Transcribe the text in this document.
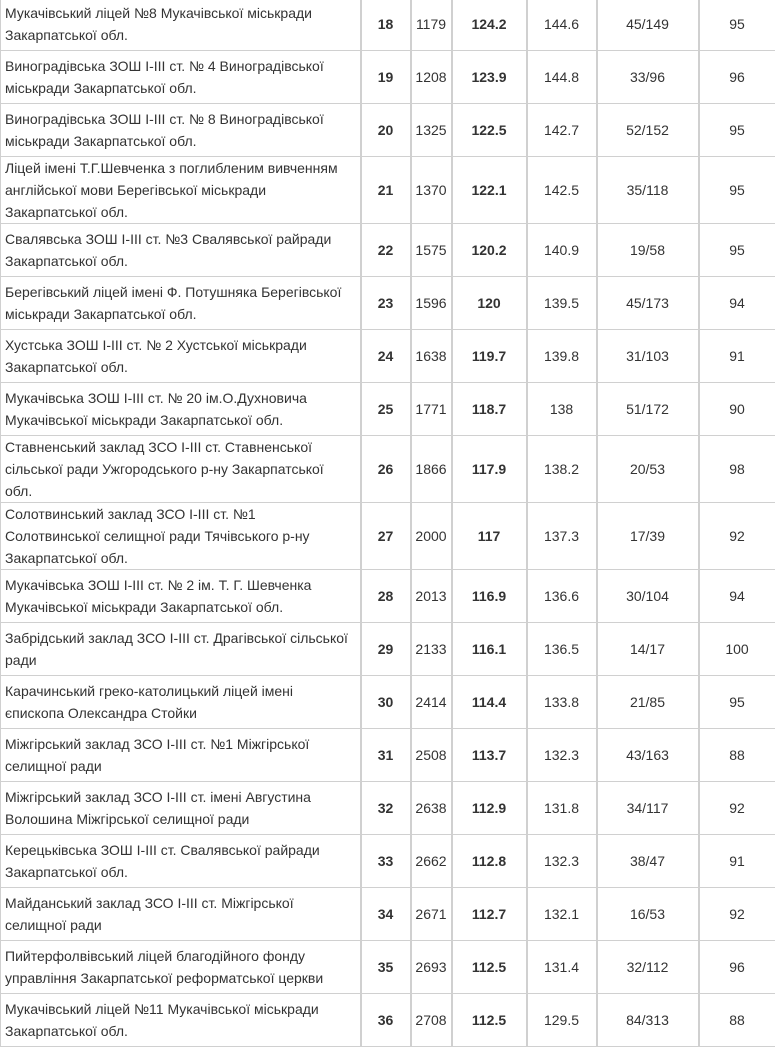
Мукачівський ліцей №8 Мукачівської міськради Закарпатської обл.	18	1179	124.2	144.6	45/149	95
Виноградівська ЗОШ І-ІІІ ст. № 4 Виноградівської міськради Закарпатської обл.	19	1208	123.9	144.8	33/96	96
Виноградівська ЗОШ І-ІІІ ст. № 8 Виноградівської міськради Закарпатської обл.	20	1325	122.5	142.7	52/152	95
Ліцей імені Т.Г.Шевченка з поглибленим вивченням англійської мови Берегівської міськради Закарпатської обл.	21	1370	122.1	142.5	35/118	95
Свалявська ЗОШ І-ІІІ ст. №3 Свалявської райради Закарпатської обл.	22	1575	120.2	140.9	19/58	95
Берегівський ліцей імені Ф. Потушняка Берегівської міськради Закарпатської обл.	23	1596	120	139.5	45/173	94
Хустська ЗОШ І-ІІІ ст. № 2 Хустської міськради Закарпатської обл.	24	1638	119.7	139.8	31/103	91
Мукачівська ЗОШ І-ІІІ ст. № 20 ім.О.Духновича Мукачівської міськради Закарпатської обл.	25	1771	118.7	138	51/172	90
Ставненський заклад ЗСО І-ІІІ ст. Ставненської сільської ради Ужгородського р-ну Закарпатської обл.	26	1866	117.9	138.2	20/53	98
Солотвинський заклад ЗСО І-ІІІ ст. №1 Солотвинської селищної ради Тячівського р-ну Закарпатської обл.	27	2000	117	137.3	17/39	92
Мукачівська ЗОШ І-ІІІ ст. № 2 ім. Т. Г. Шевченка Мукачівської міськради Закарпатської обл.	28	2013	116.9	136.6	30/104	94
Забрідський заклад ЗСО І-ІІІ ст. Драгівської сільської ради	29	2133	116.1	136.5	14/17	100
Карачинський греко-католицький ліцей імені єпископа Олександра Стойки	30	2414	114.4	133.8	21/85	95
Міжгірський заклад ЗСО І-ІІІ ст. №1 Міжгірської селищної ради	31	2508	113.7	132.3	43/163	88
Міжгірський заклад ЗСО І-ІІІ ст. імені Августина Волошина Міжгірської селищної ради	32	2638	112.9	131.8	34/117	92
Керецьківська ЗОШ І-ІІІ ст. Свалявської райради Закарпатської обл.	33	2662	112.8	132.3	38/47	91
Майданський заклад ЗСО І-ІІІ ст. Міжгірської селищної ради	34	2671	112.7	132.1	16/53	92
Пийтерфолвівський ліцей благодійного фонду управління Закарпатської реформатської церкви	35	2693	112.5	131.4	32/112	96
Мукачівський ліцей №11 Мукачівської міськради Закарпатської обл.	36	2708	112.5	129.5	84/313	88
